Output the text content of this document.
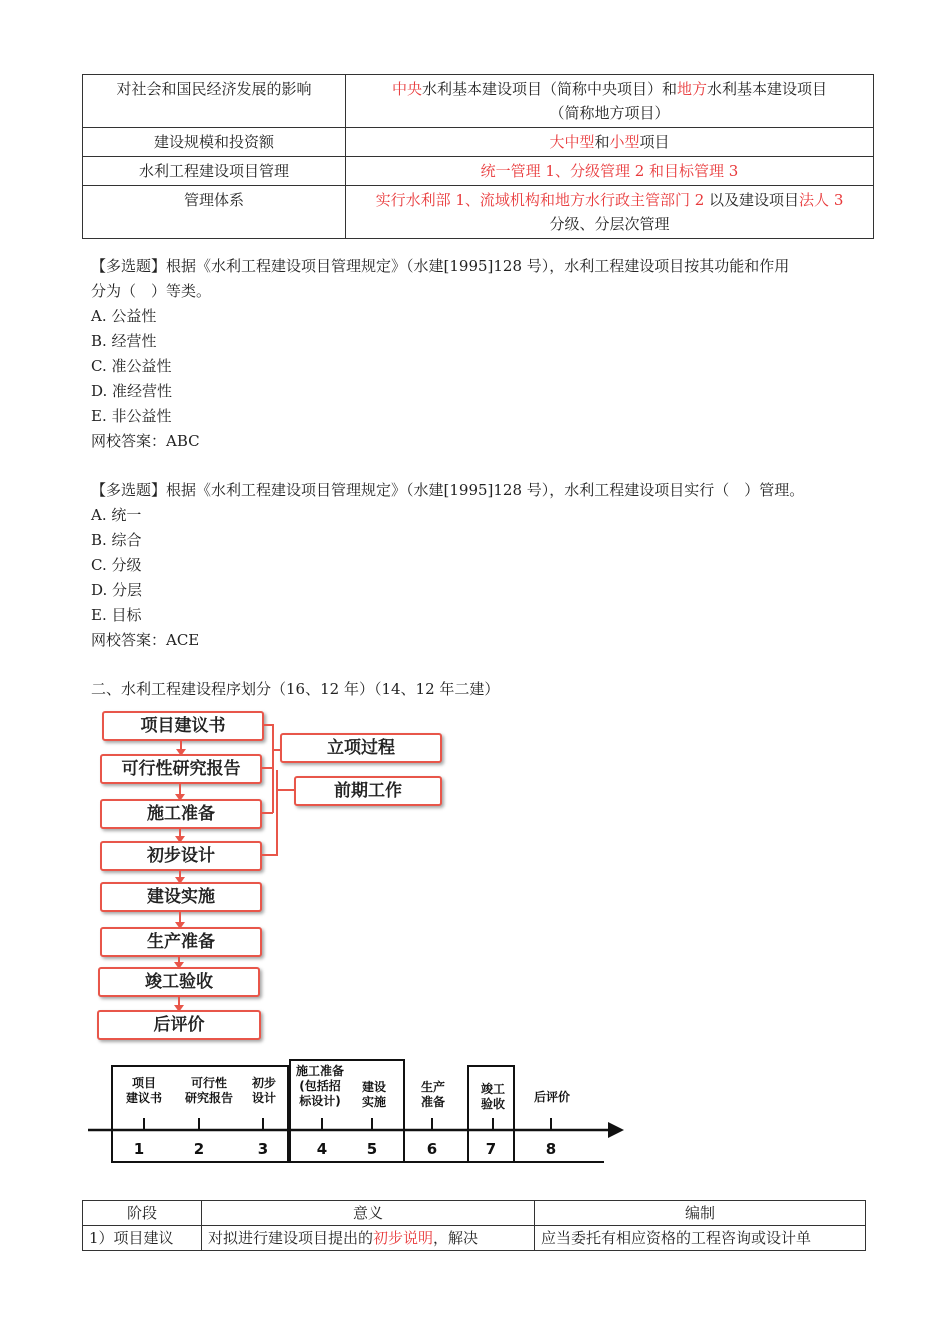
对社会和国民经济发展的影响	中央水利基本建设项目（简称中央项目）和地方水利基本建设项目
（简称地方项目）

建设规模和投资额	大中型和小型项目
水利工程建设项目管理	统一管理 1、分级管理 2 和目标管理 3
管理体系	实行水利部 1、流域机构和地方水行政主管部门 2 以及建设项目法人 3
分级、分层次管理
【多选题】根据《水利工程建设项目管理规定》（水建[1995]128 号），水利工程建设项目按其功能和作用
分为（　）等类。
A. 公益性
B. 经营性
C. 准公益性
D. 准经营性
E. 非公益性
网校答案：ABC
【多选题】根据《水利工程建设项目管理规定》（水建[1995]128 号），水利工程建设项目实行（　）管理。
A. 统一
B. 综合
C. 分级
D. 分层
E. 目标
网校答案：ACE
二、水利工程建设程序划分（16、12 年）（14、12 年二建）
项目建议书
可行性研究报告
施工准备
初步设计
建设实施
生产准备
竣工验收
后评价
立项过程
前期工作
项目
建议书
可行性
研究报告
初步
设计
施工准备
(包括招
标设计)
建设
实施
生产
准备
竣工
验收	后评价
1	2	3	4	5	6	7	8
阶段	意义	编制
1）项目建议	对拟进行建设项目提出的初步说明，解决	应当委托有相应资格的工程咨询或设计单
